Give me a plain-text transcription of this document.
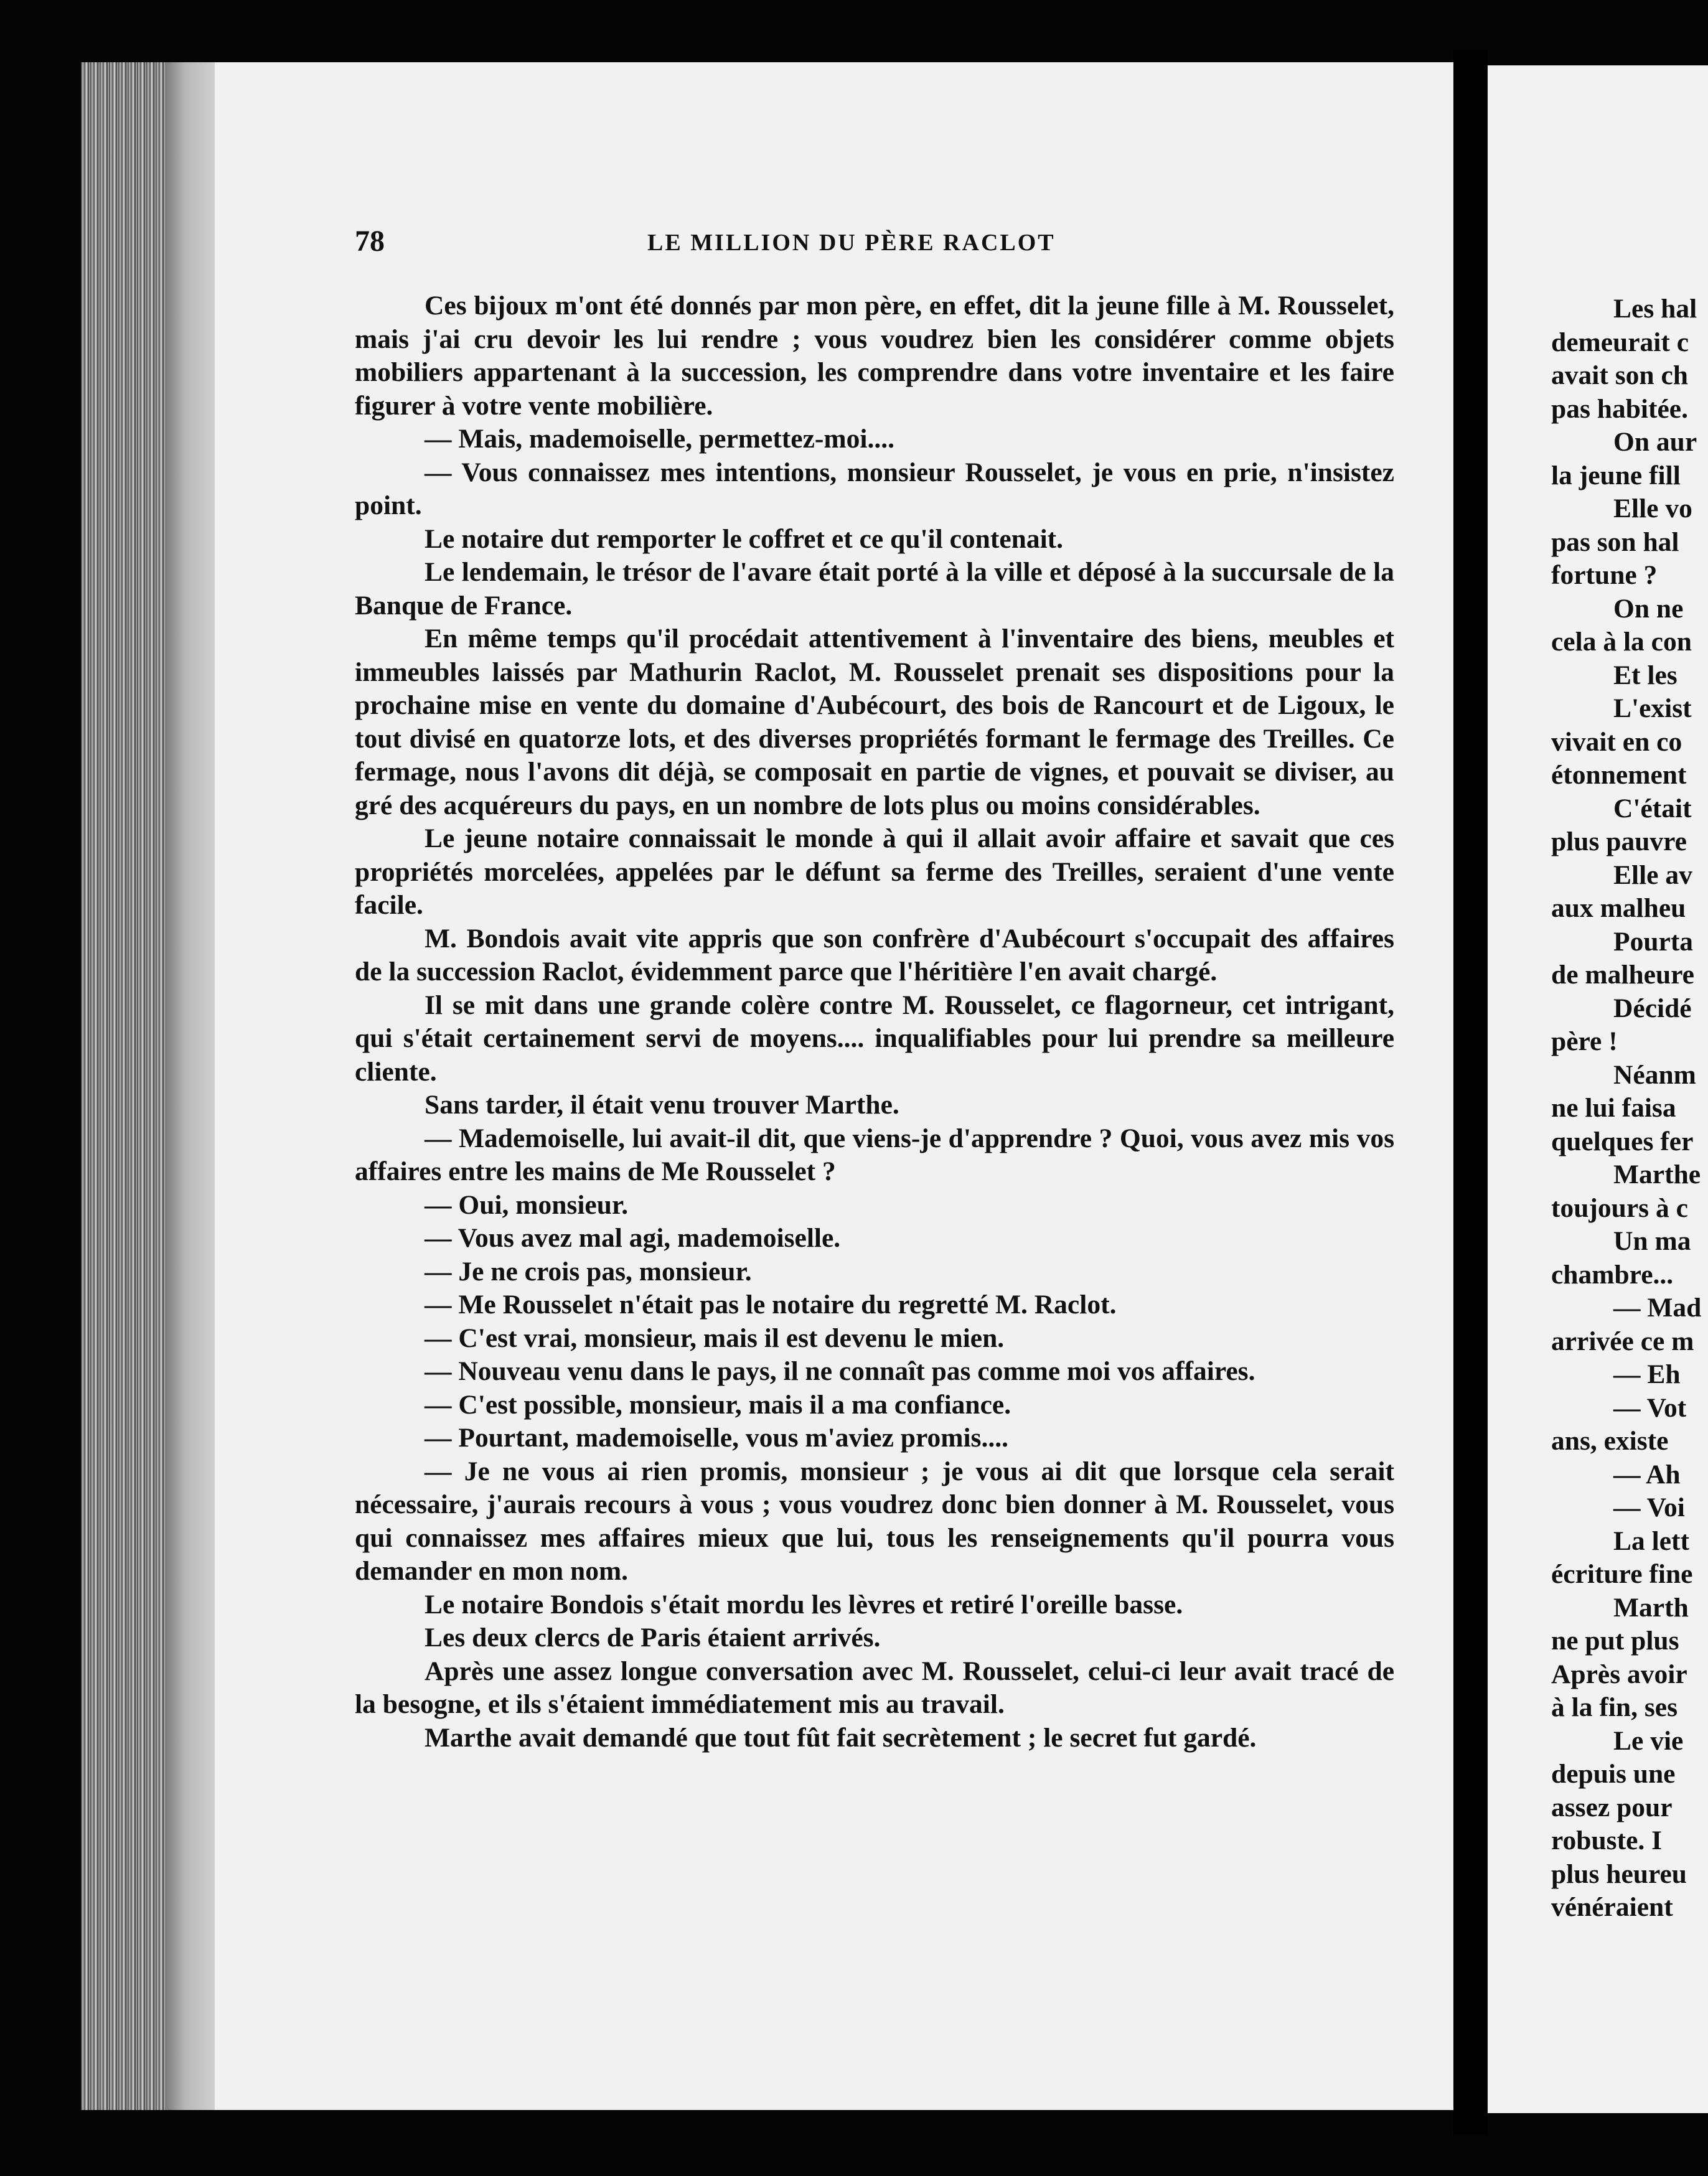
78	LE MILLION DU PÈRE RACLOT

Ces bijoux m'ont été donnés par mon père, en effet, dit la jeune fille à M. Rousselet, mais j'ai cru devoir les lui rendre ; vous voudrez bien les considérer comme objets mobiliers appartenant à la succession, les comprendre dans votre inventaire et les faire figurer à votre vente mobilière.

— Mais, mademoiselle, permettez-moi....

— Vous connaissez mes intentions, monsieur Rousselet, je vous en prie, n'insistez point.

Le notaire dut remporter le coffret et ce qu'il contenait.

Le lendemain, le trésor de l'avare était porté à la ville et déposé à la succursale de la Banque de France.

En même temps qu'il procédait attentivement à l'inventaire des biens, meubles et immeubles laissés par Mathurin Raclot, M. Rousselet prenait ses dispositions pour la prochaine mise en vente du domaine d'Aubécourt, des bois de Rancourt et de Ligoux, le tout divisé en quatorze lots, et des diverses propriétés formant le fermage des Treilles. Ce fermage, nous l'avons dit déjà, se composait en partie de vignes, et pouvait se diviser, au gré des acquéreurs du pays, en un nombre de lots plus ou moins considérables.

Le jeune notaire connaissait le monde à qui il allait avoir affaire et savait que ces propriétés morcelées, appelées par le défunt sa ferme des Treilles, seraient d'une vente facile.

M. Bondois avait vite appris que son confrère d'Aubécourt s'occupait des affaires de la succession Raclot, évidemment parce que l'héritière l'en avait chargé.

Il se mit dans une grande colère contre M. Rousselet, ce flagorneur, cet intrigant, qui s'était certainement servi de moyens.... inqualifiables pour lui prendre sa meilleure cliente.

Sans tarder, il était venu trouver Marthe.

— Mademoiselle, lui avait-il dit, que viens-je d'apprendre ? Quoi, vous avez mis vos affaires entre les mains de Me Rousselet ?

— Oui, monsieur.

— Vous avez mal agi, mademoiselle.

— Je ne crois pas, monsieur.

— Me Rousselet n'était pas le notaire du regretté M. Raclot.

— C'est vrai, monsieur, mais il est devenu le mien.

— Nouveau venu dans le pays, il ne connaît pas comme moi vos affaires.

— C'est possible, monsieur, mais il a ma confiance.

— Pourtant, mademoiselle, vous m'aviez promis....

— Je ne vous ai rien promis, monsieur ; je vous ai dit que lorsque cela serait nécessaire, j'aurais recours à vous ; vous voudrez donc bien donner à M. Rousselet, vous qui connaissez mes affaires mieux que lui, tous les renseignements qu'il pourra vous demander en mon nom.

Le notaire Bondois s'était mordu les lèvres et retiré l'oreille basse.

Les deux clercs de Paris étaient arrivés.

Après une assez longue conversation avec M. Rousselet, celui-ci leur avait tracé de la besogne, et ils s'étaient immédiatement mis au travail.

Marthe avait demandé que tout fût fait secrètement ; le secret fut gardé.

Les hal
demeurait c
avait son ch
pas habitée.
On aur
la jeune fill
Elle vo
pas son hal
fortune ?
On ne
cela à la con
Et les
L'exist
vivait en co
étonnement
C'était
plus pauvre
Elle av
aux malheu
Pourta
de malheure
Décidé
père !
Néanm
ne lui faisa
quelques fer
Marthe
toujours à c
Un ma
chambre...
— Mad
arrivée ce m
— Eh
— Vot
ans, existe
— Ah
— Voi
La lett
écriture fine
Marth
ne put plus
Après avoir
à la fin, ses
Le vie
depuis une
assez pour
robuste. I
plus heureu
vénéraient
